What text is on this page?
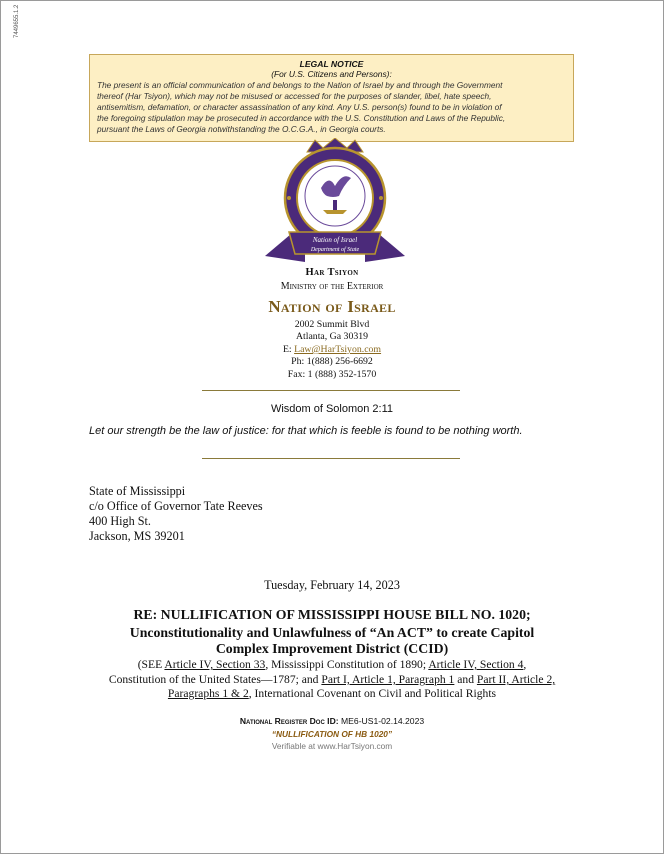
7449655.1.2
LEGAL NOTICE
(For U.S. Citizens and Persons):
The present is an official communication of and belongs to the Nation of Israel by and through the Government
thereof (Har Tsiyon), which may not be misused or accessed for the purposes of slander, libel, hate speech,
antisemitism, defamation, or character assassination of any kind. Any U.S. person(s) found to be in violation of
the foregoing stipulation may be prosecuted in accordance with the U.S. Constitution and Laws of the Republic,
pursuant the Laws of Georgia notwithstanding the O.C.G.A., in Georgia courts.
Nation of Israel
Department of State
Har Tsiyon
Ministry of the Exterior
Nation of Israel
2002 Summit Blvd
Atlanta, Ga 30319
E: Law@HarTsiyon.com
Ph: 1(888) 256-6692
Fax: 1 (888) 352-1570
Wisdom of Solomon 2:11
Let our strength be the law of justice: for that which is feeble is found to be nothing worth.
State of Mississippi
c/o Office of Governor Tate Reeves
400 High St.
Jackson, MS 39201
Tuesday, February 14, 2023
RE: NULLIFICATION OF MISSISSIPPI HOUSE BILL NO. 1020;
Unconstitutionality and Unlawfulness of “An ACT” to create Capitol
Complex Improvement District (CCID)
(SEE Article IV, Section 33, Mississippi Constitution of 1890; Article IV, Section 4,
Constitution of the United States—1787; and Part I, Article 1, Paragraph 1 and Part II, Article 2,
Paragraphs 1 & 2, International Covenant on Civil and Political Rights
National Register Doc ID: ME6-US1-02.14.2023
“NULLIFICATION OF HB 1020”
Verifiable at www.HarTsiyon.com
